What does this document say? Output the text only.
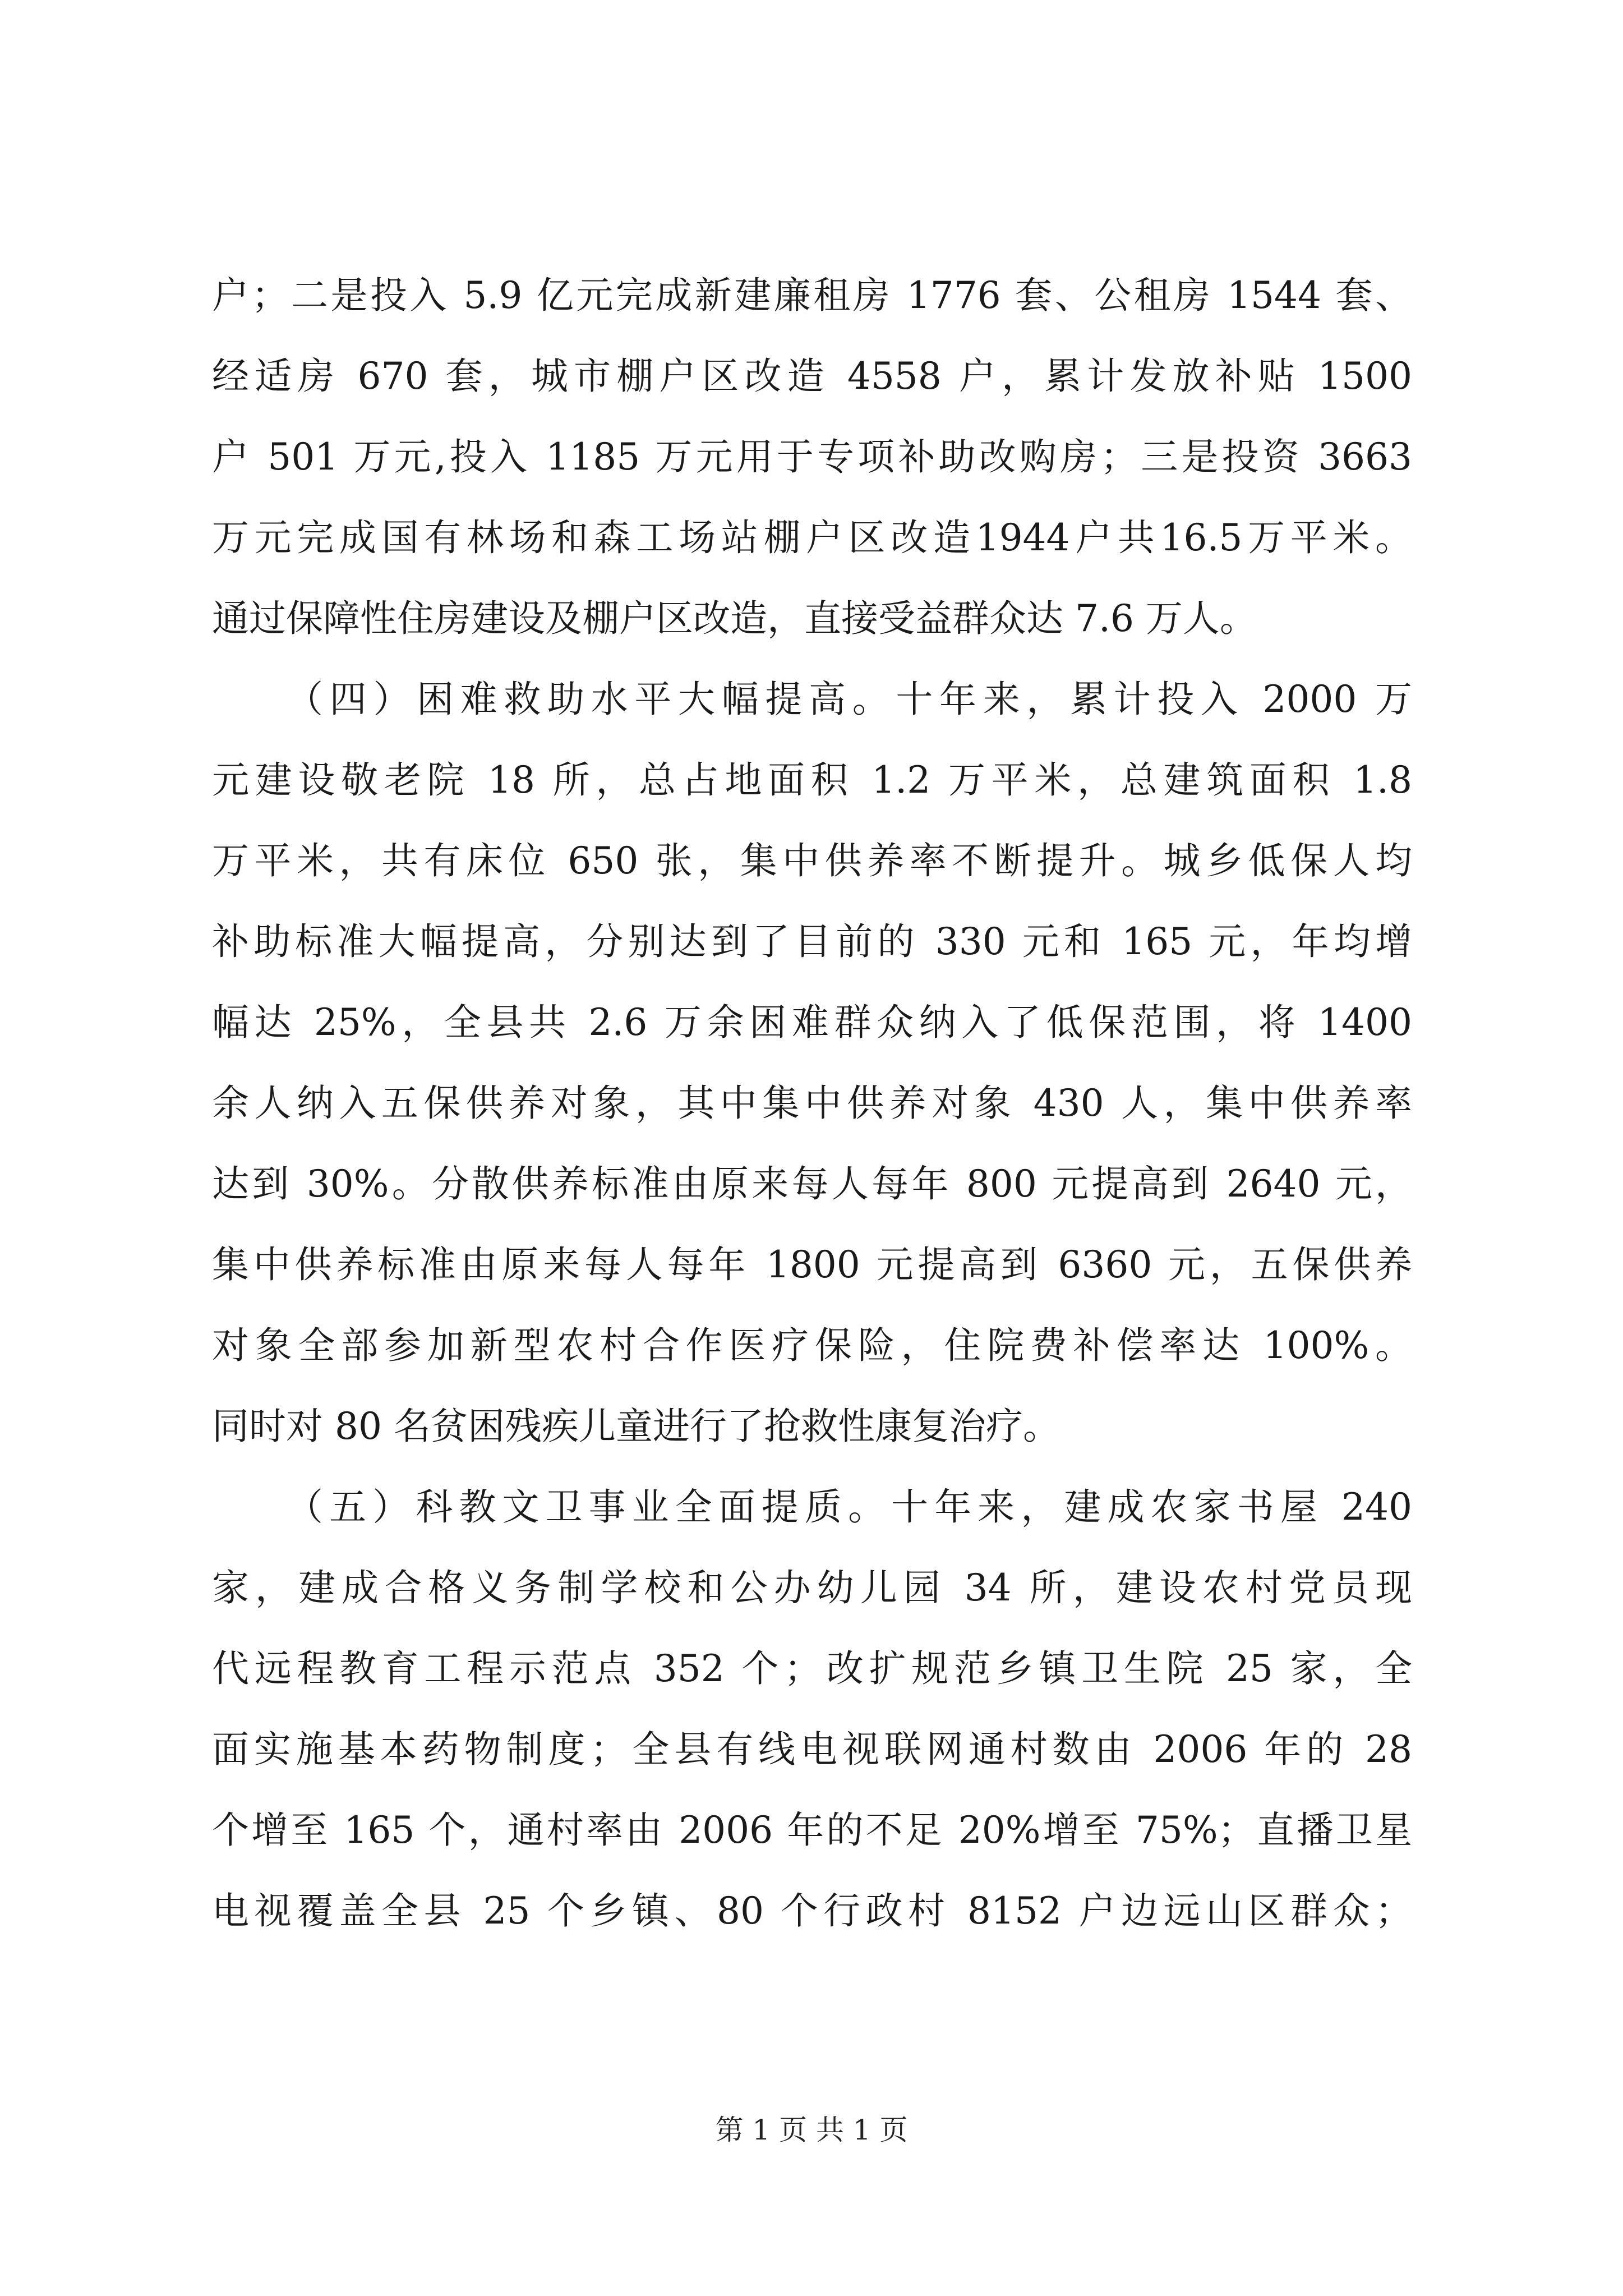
户；二是投入 5.9 亿元完成新建廉租房 1776 套、公租房 1544 套、
经适房 670 套，城市棚户区改造 4558 户，累计发放补贴 1500
户 501 万元,投入 1185 万元用于专项补助改购房；三是投资 3663
万元完成国有林场和森工场站棚户区改造1944户共16.5万平米。
通过保障性住房建设及棚户区改造，直接受益群众达 7.6 万人。
（四）困难救助水平大幅提高。十年来，累计投入 2000 万
元建设敬老院 18 所，总占地面积 1.2 万平米，总建筑面积 1.8
万平米，共有床位 650 张，集中供养率不断提升。城乡低保人均
补助标准大幅提高，分别达到了目前的 330 元和 165 元，年均增
幅达 25%，全县共 2.6 万余困难群众纳入了低保范围，将 1400
余人纳入五保供养对象，其中集中供养对象 430 人，集中供养率
达到 30%。分散供养标准由原来每人每年 800 元提高到 2640 元，
集中供养标准由原来每人每年 1800 元提高到 6360 元，五保供养
对象全部参加新型农村合作医疗保险，住院费补偿率达 100%。
同时对 80 名贫困残疾儿童进行了抢救性康复治疗。
（五）科教文卫事业全面提质。十年来，建成农家书屋 240
家，建成合格义务制学校和公办幼儿园 34 所，建设农村党员现
代远程教育工程示范点 352 个；改扩规范乡镇卫生院 25 家，全
面实施基本药物制度；全县有线电视联网通村数由 2006 年的 28
个增至 165 个，通村率由 2006 年的不足 20%增至 75%；直播卫星
电视覆盖全县 25 个乡镇、80 个行政村 8152 户边远山区群众；
第 1 页 共 1 页
